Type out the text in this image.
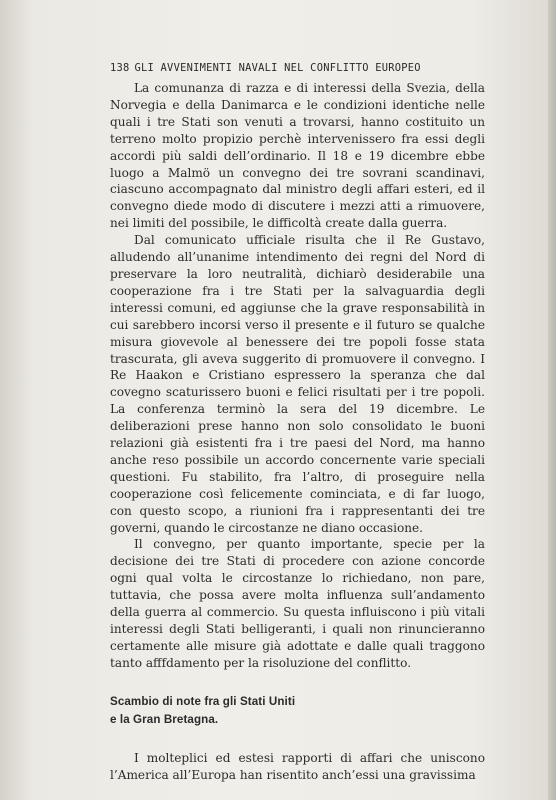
138 GLI AVVENIMENTI NAVALI NEL CONFLITTO EUROPEO

La comunanza di razza e di interessi della Svezia, della Norvegia e della Danimarca e le condizioni identiche nelle quali i tre Stati son venuti a trovarsi, hanno costituito un terreno molto propizio perchè intervenissero fra essi degli accordi più saldi dell’ordinario. Il 18 e 19 dicembre ebbe luogo a Malmö un convegno dei tre sovrani scandinavi, ciascuno accompagnato dal ministro degli affari esteri, ed il convegno diede modo di discutere i mezzi atti a rimuovere, nei limiti del possibile, le difficoltà create dalla guerra.

Dal comunicato ufficiale risulta che il Re Gustavo, alludendo all’unanime intendimento dei regni del Nord di preservare la loro neutralità, dichiarò desiderabile una cooperazione fra i tre Stati per la salvaguardia degli interessi comuni, ed aggiunse che la grave responsabilità in cui sarebbero incorsi verso il presente e il futuro se qualche misura giovevole al benessere dei tre popoli fosse stata trascurata, gli aveva suggerito di promuovere il convegno. I Re Haakon e Cristiano espressero la speranza che dal covegno scaturissero buoni e felici risultati per i tre popoli. La conferenza terminò la sera del 19 dicembre. Le deliberazioni prese hanno non solo consolidato le buoni relazioni già esistenti fra i tre paesi del Nord, ma hanno anche reso possibile un accordo concernente varie speciali questioni. Fu stabilito, fra l’altro, di proseguire nella cooperazione così felicemente cominciata, e di far luogo, con questo scopo, a riunioni fra i rappresentanti dei tre governi, quando le circostanze ne diano occasione.

Il convegno, per quanto importante, specie per la decisione dei tre Stati di procedere con azione concorde ogni qual volta le circostanze lo richiedano, non pare, tuttavia, che possa avere molta influenza sull’andamento della guerra al commercio. Su questa influiscono i più vitali interessi degli Stati belligeranti, i quali non rinuncieranno certamente alle misure già adottate e dalle quali traggono tanto afffdamento per la risoluzione del conflitto.

Scambio di note fra gli Stati Uniti
e la Gran Bretagna.

I molteplici ed estesi rapporti di affari che uniscono l’America all’Europa han risentito anch’essi una gravissima
